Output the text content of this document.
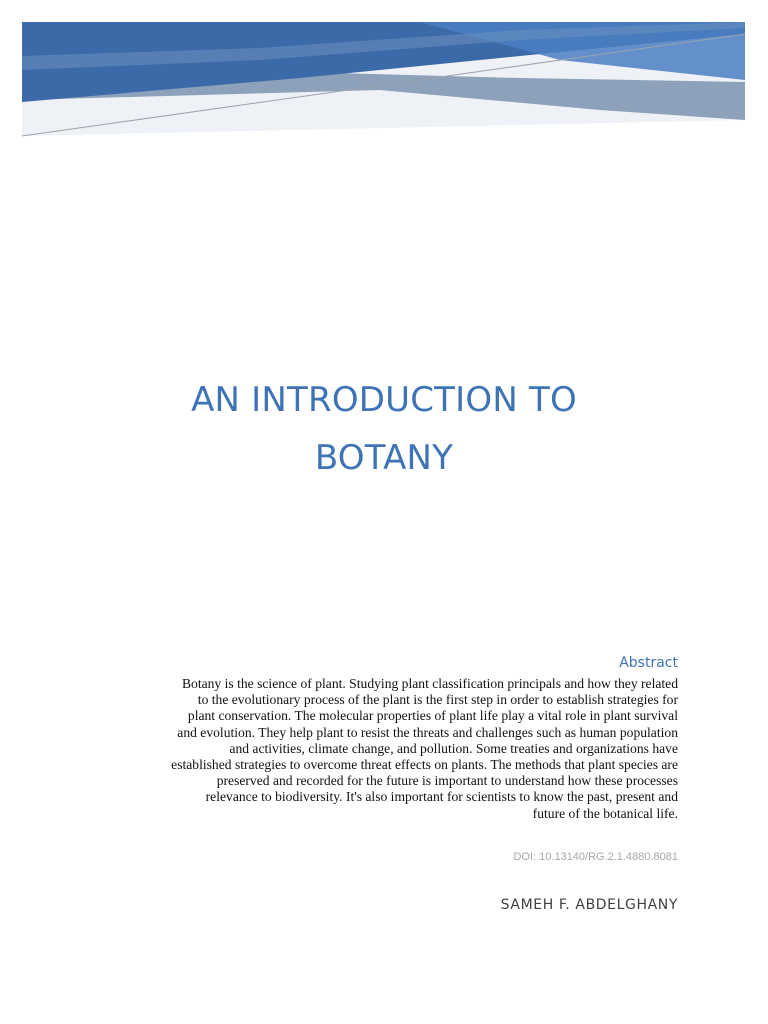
AN INTRODUCTION TO
BOTANY
Abstract

Botany is the science of plant. Studying plant classification principals and how they related to the evolutionary process of the plant is the first step in order to establish strategies for plant conservation. The molecular properties of plant life play a vital role in plant survival and evolution. They help plant to resist the threats and challenges such as human population and activities, climate change, and pollution. Some treaties and organizations have established strategies to overcome threat effects on plants. The methods that plant species are preserved and recorded for the future is important to understand how these processes relevance to biodiversity. It's also important for scientists to know the past, present and future of the botanical life.

DOI: 10.13140/RG.2.1.4880.8081
SAMEH F. ABDELGHANY
